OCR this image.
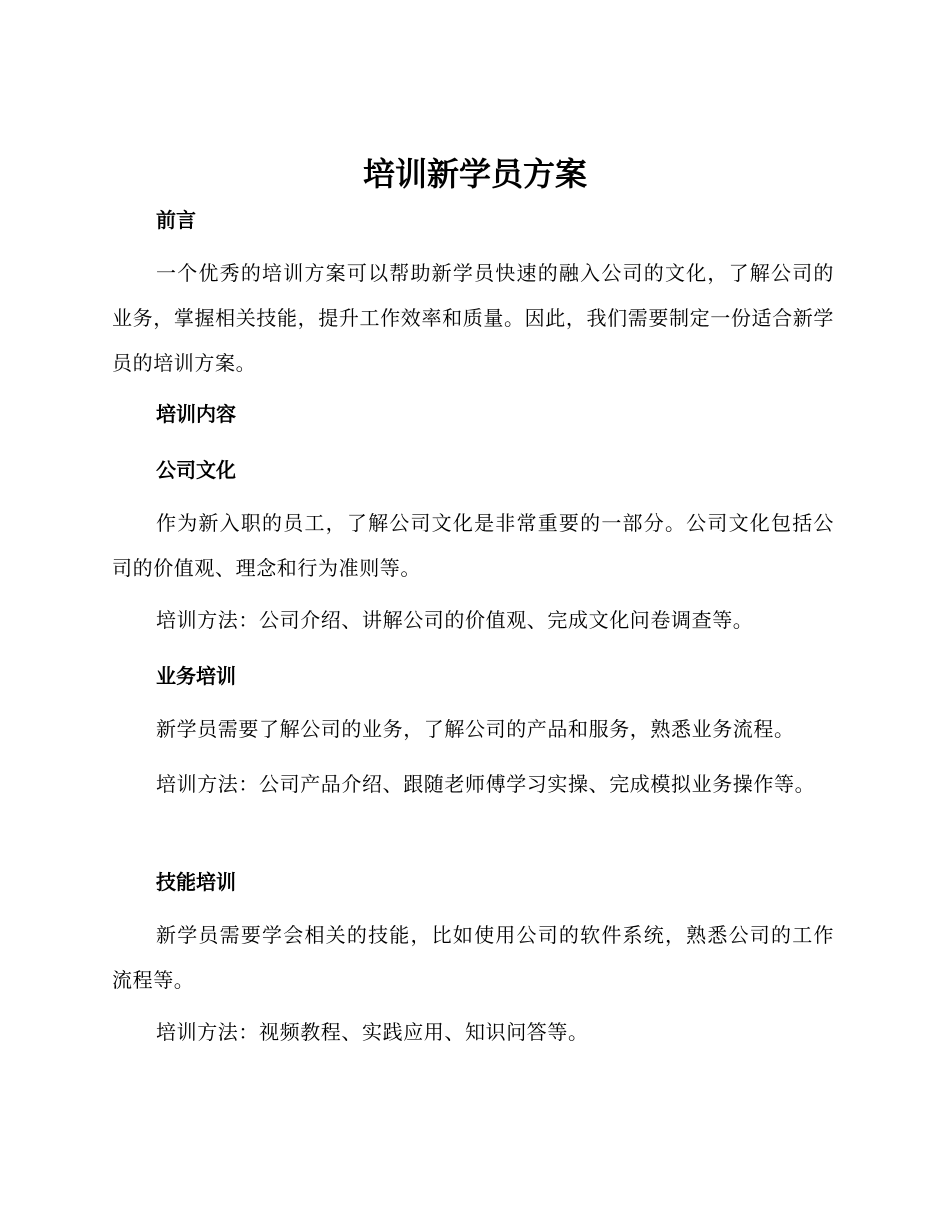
培训新学员方案
前言
一个优秀的培训方案可以帮助新学员快速的融入公司的文化，了解公司的业务，掌握相关技能，提升工作效率和质量。因此，我们需要制定一份适合新学员的培训方案。
培训内容
公司文化
作为新入职的员工，了解公司文化是非常重要的一部分。公司文化包括公司的价值观、理念和行为准则等。
培训方法：公司介绍、讲解公司的价值观、完成文化问卷调查等。
业务培训
新学员需要了解公司的业务，了解公司的产品和服务，熟悉业务流程。
培训方法：公司产品介绍、跟随老师傅学习实操、完成模拟业务操作等。
技能培训
新学员需要学会相关的技能，比如使用公司的软件系统，熟悉公司的工作流程等。
培训方法：视频教程、实践应用、知识问答等。
